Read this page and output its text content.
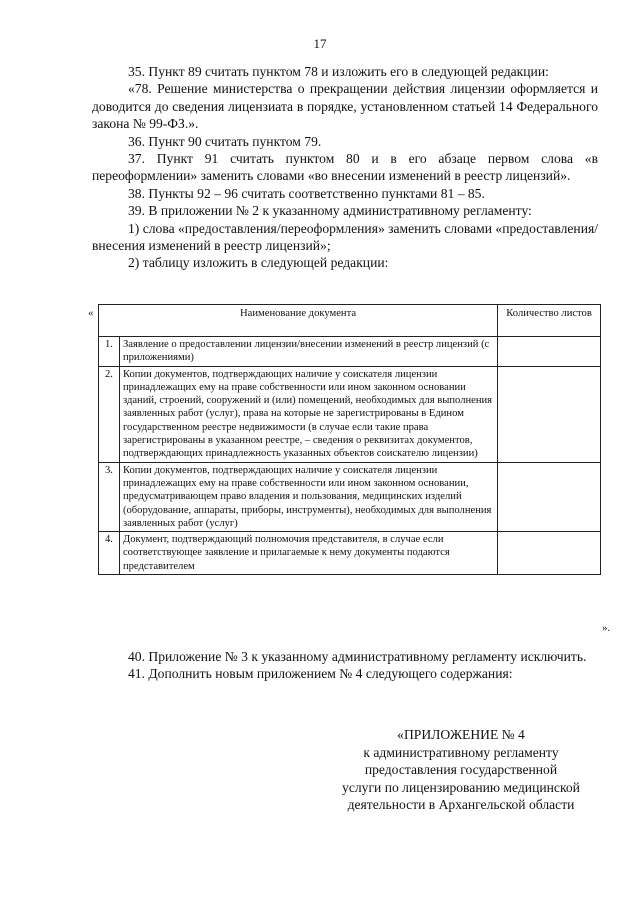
17

35. Пункт 89 считать пунктом 78 и изложить его в следующей редакции:

«78. Решение министерства о прекращении действия лицензии оформляется и доводится до сведения лицензиата в порядке, установленном статьей 14 Федерального закона № 99-ФЗ.».

36. Пункт 90 считать пунктом 79.

37. Пункт 91 считать пунктом 80 и в его абзаце первом слова «в переоформлении» заменить словами «во внесении изменений в реестр лицензий».

38. Пункты 92 – 96 считать соответственно пунктами 81 – 85.

39. В приложении № 2 к указанному административному регламенту:

1) слова «предоставления/переоформления» заменить словами «предоставления/внесения изменений в реестр лицензий»;

2) таблицу изложить в следующей редакции:

«	Наименование документа		Количество листов
1.	Заявление о предоставлении лицензии/внесении изменений в реестр лицензий (с приложениями)	
2.	Копии документов, подтверждающих наличие у соискателя лицензии принадлежащих ему на праве собственности или ином законном основании зданий, строений, сооружений и (или) помещений, необходимых для выполнения заявленных работ (услуг), права на которые не зарегистрированы в Едином государственном реестре недвижимости (в случае если такие права зарегистрированы в указанном реестре, – сведения о реквизитах документов, подтверждающих принадлежность указанных объектов соискателю лицензии)	
3.	Копии документов, подтверждающих наличие у соискателя лицензии принадлежащих ему на праве собственности или ином законном основании, предусматривающем право владения и пользования, медицинских изделий (оборудование, аппараты, приборы, инструменты), необходимых для выполнения заявленных работ (услуг)	
4.	Документ, подтверждающий полномочия представителя, в случае если соответствующее заявление и прилагаемые к нему документы подаются представителем	
».

40. Приложение № 3 к указанному административному регламенту исключить.

41. Дополнить новым приложением № 4 следующего содержания:

«ПРИЛОЖЕНИЕ № 4
к административному регламенту
предоставления государственной
услуги по лицензированию медицинской
деятельности в Архангельской области
